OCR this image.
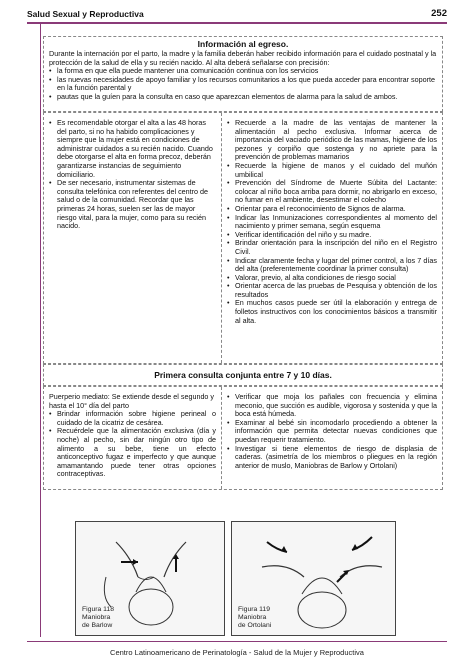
Salud Sexual y Reproductiva	252

Información al egreso.

Durante la internación por el parto, la madre y la familia deberán haber recibido información para el cuidado postnatal y la protección de la salud de ella y su recién nacido. Al alta deberá señalarse con precisión:

• la forma en que ella puede mantener una comunicación continua con los servicios
• las nuevas necesidades de apoyo familiar y los recursos comunitarios a los que pueda acceder para encontrar soporte en la función parental y
• pautas que la guíen para la consulta en caso que aparezcan elementos de alarma para la salud de ambos.
• Es recomendable otorgar el alta a las 48 horas del parto, si no ha habido complicaciones y siempre que la mujer está en condiciones de administrar cuidados a su recién nacido. Cuando debe otorgarse el alta en forma precoz, deberán garantizarse instancias de seguimiento domiciliario.
• De ser necesario, instrumentar sistemas de consulta telefónica con referentes del centro de salud o de la comunidad. Recordar que las primeras 24 horas, suelen ser las de mayor riesgo vital, para la mujer, como para su recién nacido.
• Recuerde a la madre de las ventajas de mantener la alimentación al pecho exclusiva. Informar acerca de importancia del vaciado periódico de las mamas, higiene de los pezones y corpiño que sostenga y no apriete para la prevención de problemas mamarios
• Recuerde la higiene de manos y el cuidado del muñón umbilical
• Prevención del Síndrome de Muerte Súbita del Lactante: colocar al niño boca arriba para dormir, no abrigarlo en exceso, no fumar en el ambiente, desestimar el colecho
• Orientar para el reconocimiento de Signos de alarma.
• Indicar las Inmunizaciones correspondientes al momento del nacimiento y primer semana, según esquema
• Verificar identificación del niño y su madre.
• Brindar orientación para la inscripción del niño en el Registro Civil.
• Indicar claramente fecha y lugar del primer control, a los 7 días del alta (preferentemente coordinar la primer consulta)
• Valorar, previo, al alta condiciones de riesgo social
• Orientar acerca de las pruebas de Pesquisa y obtención de los resultados
• En muchos casos puede ser útil la elaboración y entrega de folletos instructivos con los conocimientos básicos a transmitir al alta.

Primera consulta conjunta entre 7 y 10 días.

Puerperio mediato: Se extiende desde el segundo y hasta el 10° día del parto

• Brindar información sobre higiene perineal o cuidado de la cicatriz de cesárea.
• Recuérdele que la alimentación exclusiva (día y noche) al pecho, sin dar ningún otro tipo de alimento a su bebe, tiene un efecto anticonceptivo fugaz e imperfecto y que aunque amamantando puede tener otras opciones contraceptivas.
• Verificar que moja los pañales con frecuencia y elimina meconio, que succión es audible, vigorosa y sostenida y que la boca está húmeda.
• Examinar al bebé sin incomodarlo procediendo a obtener la información que permita detectar nuevas condiciones que puedan requerir tratamiento.
• Investigar si tiene elementos de riesgo de displasia de caderas. (asimetría de los miembros o pliegues en la región anterior de muslo, Maniobras de Barlow y Ortolani)
Figura 118
Maniobra
de Barlow
Figura 119
Maniobra
de Ortolani
Centro Latinoamericano de Perinatología - Salud de la Mujer y Reproductiva
